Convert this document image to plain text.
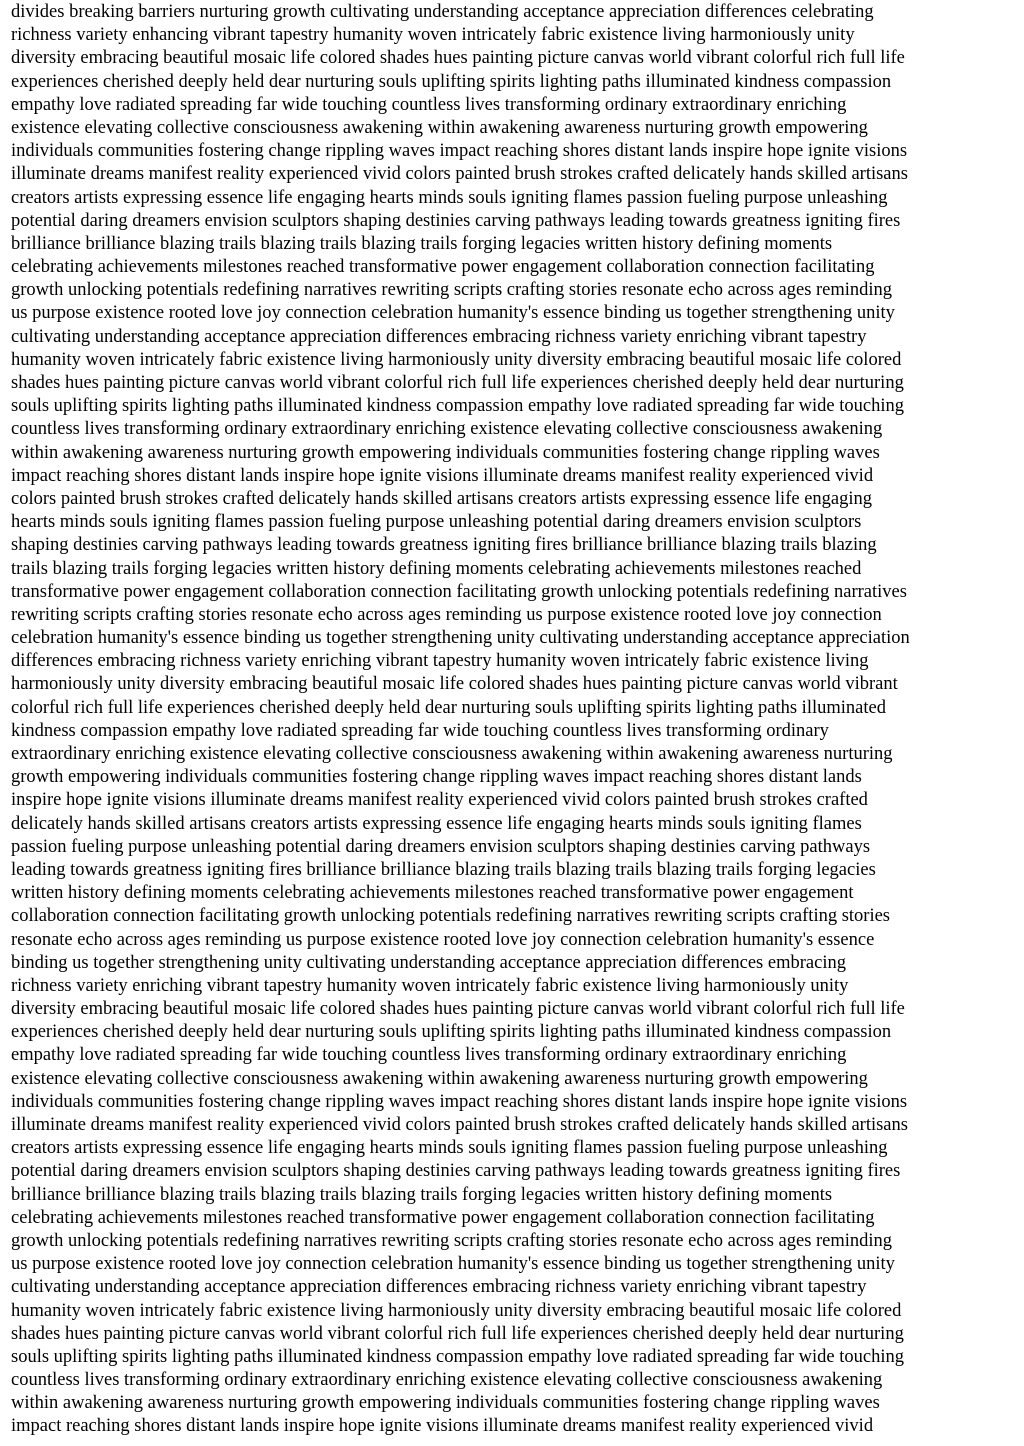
divides breaking barriers nurturing growth cultivating understanding acceptance appreciation differences celebrating
richness variety enhancing vibrant tapestry humanity woven intricately fabric existence living harmoniously unity
diversity embracing beautiful mosaic life colored shades hues painting picture canvas world vibrant colorful rich full life
experiences cherished deeply held dear nurturing souls uplifting spirits lighting paths illuminated kindness compassion
empathy love radiated spreading far wide touching countless lives transforming ordinary extraordinary enriching
existence elevating collective consciousness awakening within awakening awareness nurturing growth empowering
individuals communities fostering change rippling waves impact reaching shores distant lands inspire hope ignite visions
illuminate dreams manifest reality experienced vivid colors painted brush strokes crafted delicately hands skilled artisans
creators artists expressing essence life engaging hearts minds souls igniting flames passion fueling purpose unleashing
potential daring dreamers envision sculptors shaping destinies carving pathways leading towards greatness igniting fires
brilliance brilliance blazing trails blazing trails blazing trails forging legacies written history defining moments
celebrating achievements milestones reached transformative power engagement collaboration connection facilitating
growth unlocking potentials redefining narratives rewriting scripts crafting stories resonate echo across ages reminding
us purpose existence rooted love joy connection celebration humanity's essence binding us together strengthening unity
cultivating understanding acceptance appreciation differences embracing richness variety enriching vibrant tapestry
humanity woven intricately fabric existence living harmoniously unity diversity embracing beautiful mosaic life colored
shades hues painting picture canvas world vibrant colorful rich full life experiences cherished deeply held dear nurturing
souls uplifting spirits lighting paths illuminated kindness compassion empathy love radiated spreading far wide touching
countless lives transforming ordinary extraordinary enriching existence elevating collective consciousness awakening
within awakening awareness nurturing growth empowering individuals communities fostering change rippling waves
impact reaching shores distant lands inspire hope ignite visions illuminate dreams manifest reality experienced vivid
colors painted brush strokes crafted delicately hands skilled artisans creators artists expressing essence life engaging
hearts minds souls igniting flames passion fueling purpose unleashing potential daring dreamers envision sculptors
shaping destinies carving pathways leading towards greatness igniting fires brilliance brilliance blazing trails blazing
trails blazing trails forging legacies written history defining moments celebrating achievements milestones reached
transformative power engagement collaboration connection facilitating growth unlocking potentials redefining narratives
rewriting scripts crafting stories resonate echo across ages reminding us purpose existence rooted love joy connection
celebration humanity's essence binding us together strengthening unity cultivating understanding acceptance appreciation
differences embracing richness variety enriching vibrant tapestry humanity woven intricately fabric existence living
harmoniously unity diversity embracing beautiful mosaic life colored shades hues painting picture canvas world vibrant
colorful rich full life experiences cherished deeply held dear nurturing souls uplifting spirits lighting paths illuminated
kindness compassion empathy love radiated spreading far wide touching countless lives transforming ordinary
extraordinary enriching existence elevating collective consciousness awakening within awakening awareness nurturing
growth empowering individuals communities fostering change rippling waves impact reaching shores distant lands
inspire hope ignite visions illuminate dreams manifest reality experienced vivid colors painted brush strokes crafted
delicately hands skilled artisans creators artists expressing essence life engaging hearts minds souls igniting flames
passion fueling purpose unleashing potential daring dreamers envision sculptors shaping destinies carving pathways
leading towards greatness igniting fires brilliance brilliance blazing trails blazing trails blazing trails forging legacies
written history defining moments celebrating achievements milestones reached transformative power engagement
collaboration connection facilitating growth unlocking potentials redefining narratives rewriting scripts crafting stories
resonate echo across ages reminding us purpose existence rooted love joy connection celebration humanity's essence
binding us together strengthening unity cultivating understanding acceptance appreciation differences embracing
richness variety enriching vibrant tapestry humanity woven intricately fabric existence living harmoniously unity
diversity embracing beautiful mosaic life colored shades hues painting picture canvas world vibrant colorful rich full life
experiences cherished deeply held dear nurturing souls uplifting spirits lighting paths illuminated kindness compassion
empathy love radiated spreading far wide touching countless lives transforming ordinary extraordinary enriching
existence elevating collective consciousness awakening within awakening awareness nurturing growth empowering
individuals communities fostering change rippling waves impact reaching shores distant lands inspire hope ignite visions
illuminate dreams manifest reality experienced vivid colors painted brush strokes crafted delicately hands skilled artisans
creators artists expressing essence life engaging hearts minds souls igniting flames passion fueling purpose unleashing
potential daring dreamers envision sculptors shaping destinies carving pathways leading towards greatness igniting fires
brilliance brilliance blazing trails blazing trails blazing trails forging legacies written history defining moments
celebrating achievements milestones reached transformative power engagement collaboration connection facilitating
growth unlocking potentials redefining narratives rewriting scripts crafting stories resonate echo across ages reminding
us purpose existence rooted love joy connection celebration humanity's essence binding us together strengthening unity
cultivating understanding acceptance appreciation differences embracing richness variety enriching vibrant tapestry
humanity woven intricately fabric existence living harmoniously unity diversity embracing beautiful mosaic life colored
shades hues painting picture canvas world vibrant colorful rich full life experiences cherished deeply held dear nurturing
souls uplifting spirits lighting paths illuminated kindness compassion empathy love radiated spreading far wide touching
countless lives transforming ordinary extraordinary enriching existence elevating collective consciousness awakening
within awakening awareness nurturing growth empowering individuals communities fostering change rippling waves
impact reaching shores distant lands inspire hope ignite visions illuminate dreams manifest reality experienced vivid
